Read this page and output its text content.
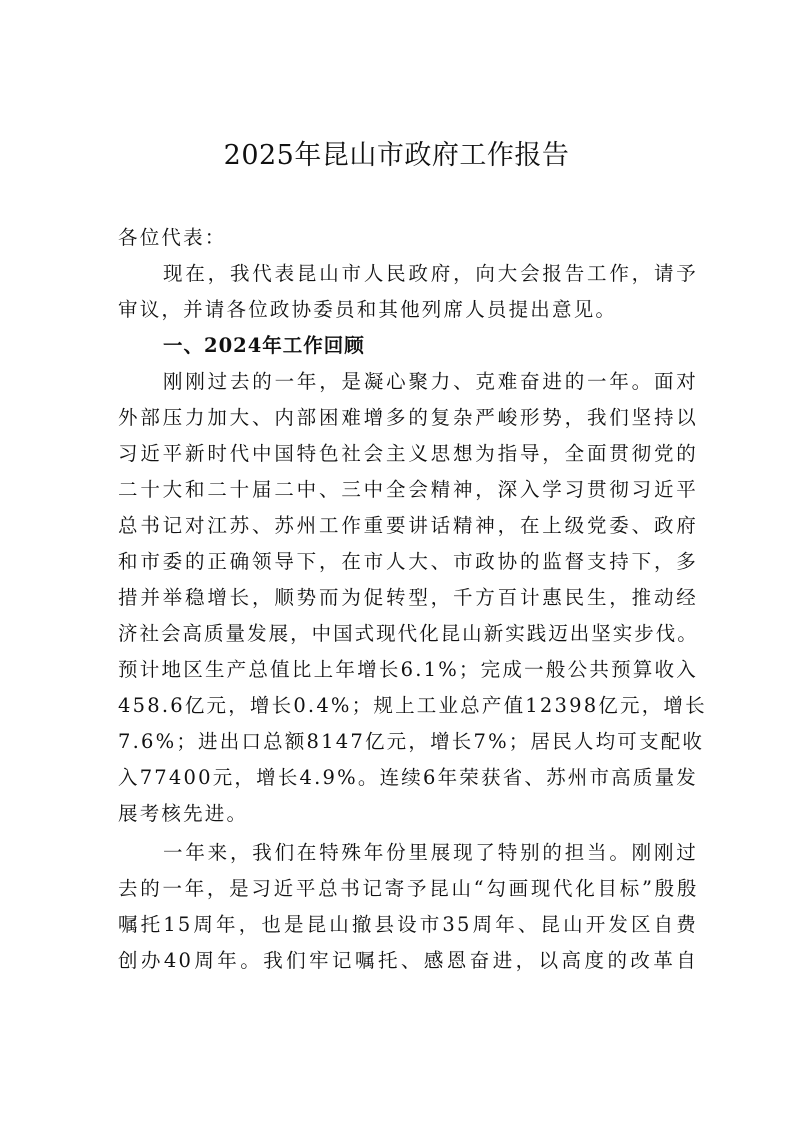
2025年昆山市政府工作报告
各位代表：
现在，我代表昆山市人民政府，向大会报告工作，请予
审议，并请各位政协委员和其他列席人员提出意见。
一、2024年工作回顾
刚刚过去的一年，是凝心聚力、克难奋进的一年。面对
外部压力加大、内部困难增多的复杂严峻形势，我们坚持以
习近平新时代中国特色社会主义思想为指导，全面贯彻党的
二十大和二十届二中、三中全会精神，深入学习贯彻习近平
总书记对江苏、苏州工作重要讲话精神，在上级党委、政府
和市委的正确领导下，在市人大、市政协的监督支持下，多
措并举稳增长，顺势而为促转型，千方百计惠民生，推动经
济社会高质量发展，中国式现代化昆山新实践迈出坚实步伐。
预计地区生产总值比上年增长6.1%；完成一般公共预算收入
458.6亿元，增长0.4%；规上工业总产值12398亿元，增长
7.6%；进出口总额8147亿元，增长7%；居民人均可支配收
入77400元，增长4.9%。连续6年荣获省、苏州市高质量发
展考核先进。
一年来，我们在特殊年份里展现了特别的担当。刚刚过
去的一年，是习近平总书记寄予昆山“勾画现代化目标”殷殷
嘱托15周年，也是昆山撤县设市35周年、昆山开发区自费
创办40周年。我们牢记嘱托、感恩奋进，以高度的改革自
